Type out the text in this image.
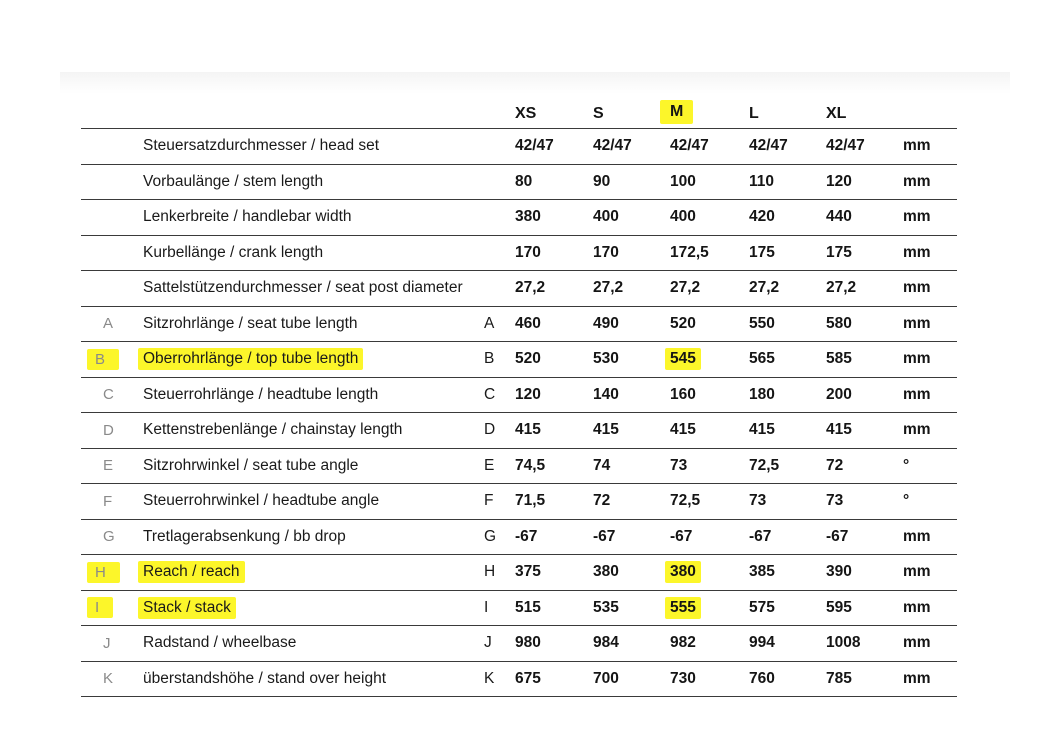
XS	S	M	L	XL
Steuersatzdurchmesser / head set	42/47	42/47 42/47	42/47 42/47 mm
Vorbaulänge / stem length	80	90	100	110	120	mm
Lenkerbreite / handlebar width	380	400	400	420	440	mm
Kurbellänge / crank length	170	170	172,5	175	175	mm
Sattelstützendurchmesser / seat post diameter	27,2	27,2	27,2	27,2	27,2	mm
A Sitzrohrlänge / seat tube length	A 460	490	520	550	580	mm
B	Oberrohrlänge / top tube length	B 520	530	545	565	585	mm
C Steuerrohrlänge / headtube length	C 120	140	160	180	200	mm
D Kettenstrebenlänge / chainstay length	D 415	415	415	415	415	mm
E Sitzrohrwinkel / seat tube angle	E 74,5	74	73	72,5	72	°
F Steuerrohrwinkel / headtube angle	F 71,5	72	72,5	73	73	°
G Tretlagerabsenkung / bb drop	G -67	-67	-67	-67	-67	mm
H	Reach / reach	H 375	380	380	385	390	mm
I	Stack / stack	I 515	535	555	575	595	mm
J Radstand / wheelbase	J 980	984	982	994	1008	mm
K überstandshöhe / stand over height	K 675	700	730	760	785	mm
